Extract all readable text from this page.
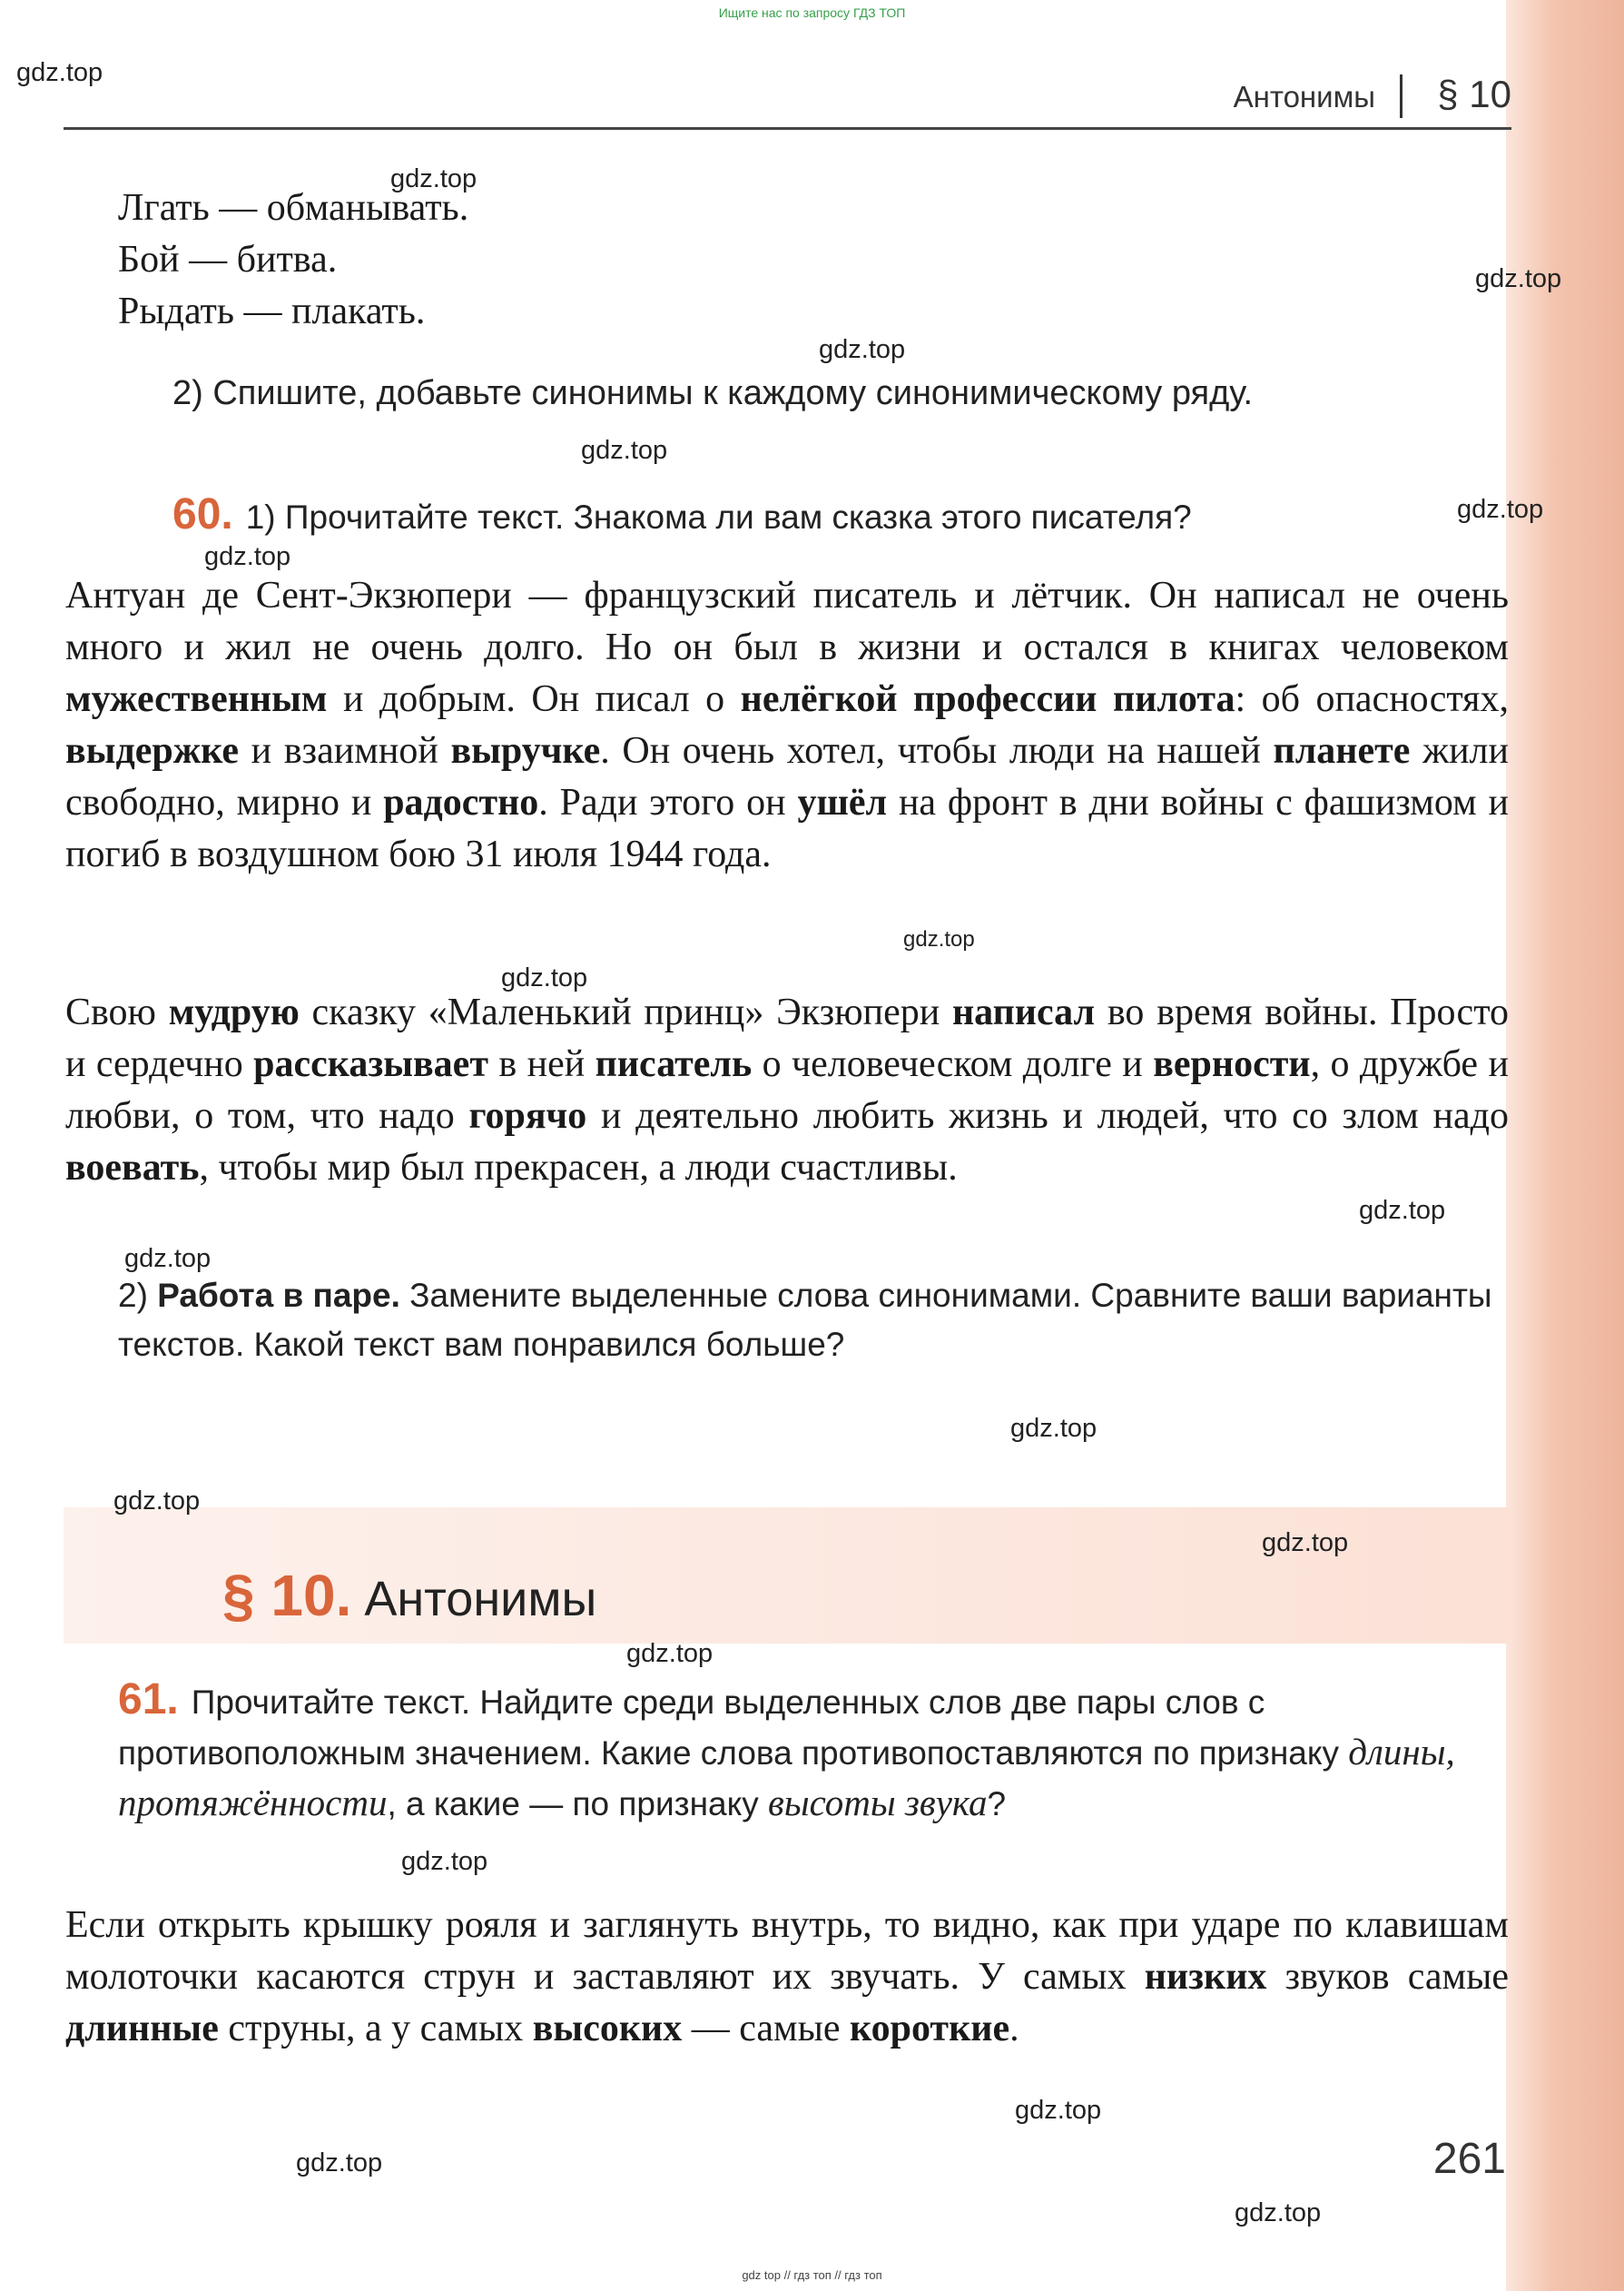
Ищите нас по запросу ГДЗ ТОП
Антонимы § 10
Лгать — обманывать.
Бой — битва.
Рыдать — плакать.
2) Спишите, добавьте синонимы к каждому синонимическому ряду.
60. 1) Прочитайте текст. Знакома ли вам сказка этого писателя?
Антуан де Сент-Экзюпери — французский писатель и лётчик. Он написал не очень много и жил не очень долго. Но он был в жизни и остался в книгах человеком мужественным и добрым. Он писал о нелёгкой профессии пилота: об опасностях, выдержке и взаимной выручке. Он очень хотел, чтобы люди на нашей планете жили свободно, мирно и радостно. Ради этого он ушёл на фронт в дни войны с фашизмом и погиб в воздушном бою 31 июля 1944 года.
Свою мудрую сказку «Маленький принц» Экзюпери написал во время войны. Просто и сердечно рассказывает в ней писатель о человеческом долге и верности, о дружбе и любви, о том, что надо горячо и деятельно любить жизнь и людей, что со злом надо воевать, чтобы мир был прекрасен, а люди счастливы.
2) Работа в паре. Замените выделенные слова синонимами. Сравните ваши варианты текстов. Какой текст вам понравился больше?
§ 10. Антонимы
61. Прочитайте текст. Найдите среди выделенных слов две пары слов с противоположным значением. Какие слова противопоставляются по признаку длины, протяжённости, а какие — по признаку высоты звука?
Если открыть крышку рояля и заглянуть внутрь, то видно, как при ударе по клавишам молоточки касаются струн и заставляют их звучать. У самых низких звуков самые длинные струны, а у самых высоких — самые короткие.
261
gdz top // гдз топ // гдз топ
gdz.top
gdz.top
gdz.top
gdz.top
gdz.top
gdz.top
gdz.top
gdz.top
gdz.top
gdz.top
gdz.top
gdz.top
gdz.top
gdz.top
gdz.top
gdz.top
gdz.top
gdz.top
gdz.top
